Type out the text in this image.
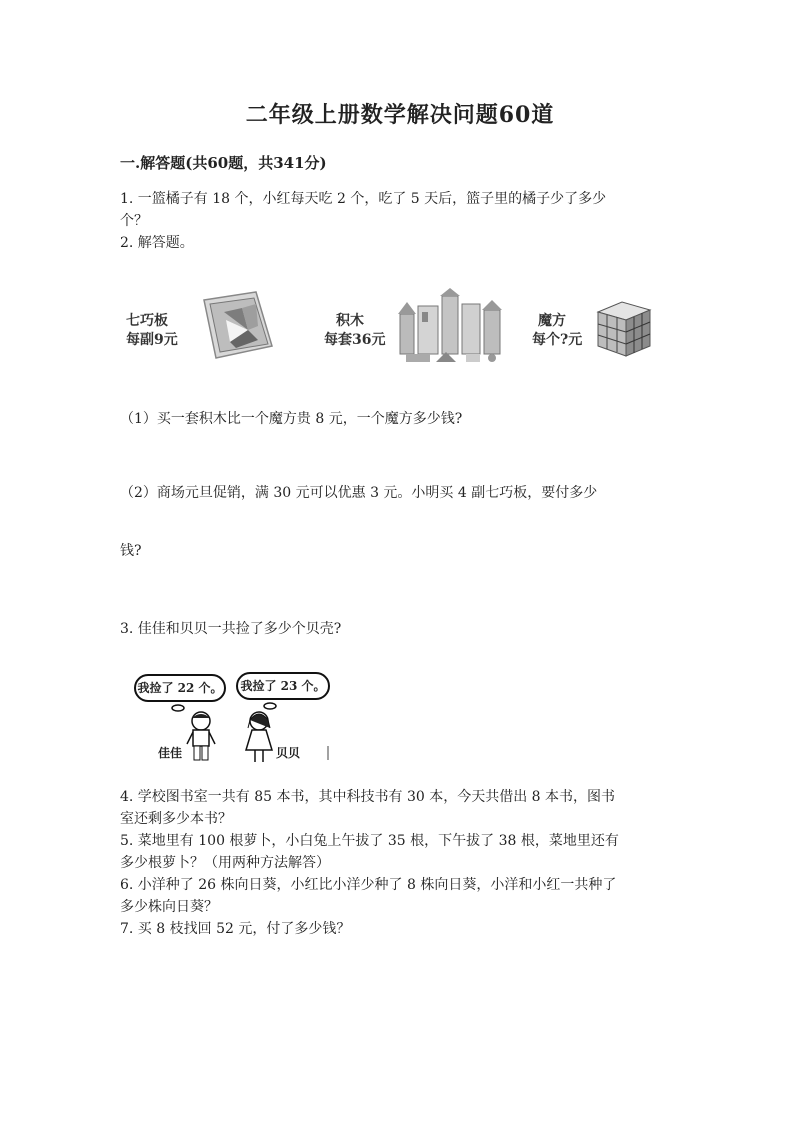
二年级上册数学解决问题60道
一.解答题(共60题，共341分)
1. 一篮橘子有 18 个，小红每天吃 2 个，吃了 5 天后，篮子里的橘子少了多少
个？
2. 解答题。
七巧板
每副9元
积木
每套36元
魔方
每个?元
（1）买一套积木比一个魔方贵 8 元，一个魔方多少钱?
（2）商场元旦促销，满 30 元可以优惠 3 元。小明买 4 副七巧板，要付多少
钱?
3. 佳佳和贝贝一共捡了多少个贝壳?
我捡了 22 个。	我捡了 23 个。
佳佳	贝贝
4. 学校图书室一共有 85 本书，其中科技书有 30 本，今天共借出 8 本书，图书
室还剩多少本书？
5. 菜地里有 100 根萝卜，小白兔上午拔了 35 根，下午拔了 38 根，菜地里还有
多少根萝卜？（用两种方法解答）
6. 小洋种了 26 株向日葵，小红比小洋少种了 8 株向日葵，小洋和小红一共种了
多少株向日葵？
7. 买 8 枝找回 52 元，付了多少钱？
